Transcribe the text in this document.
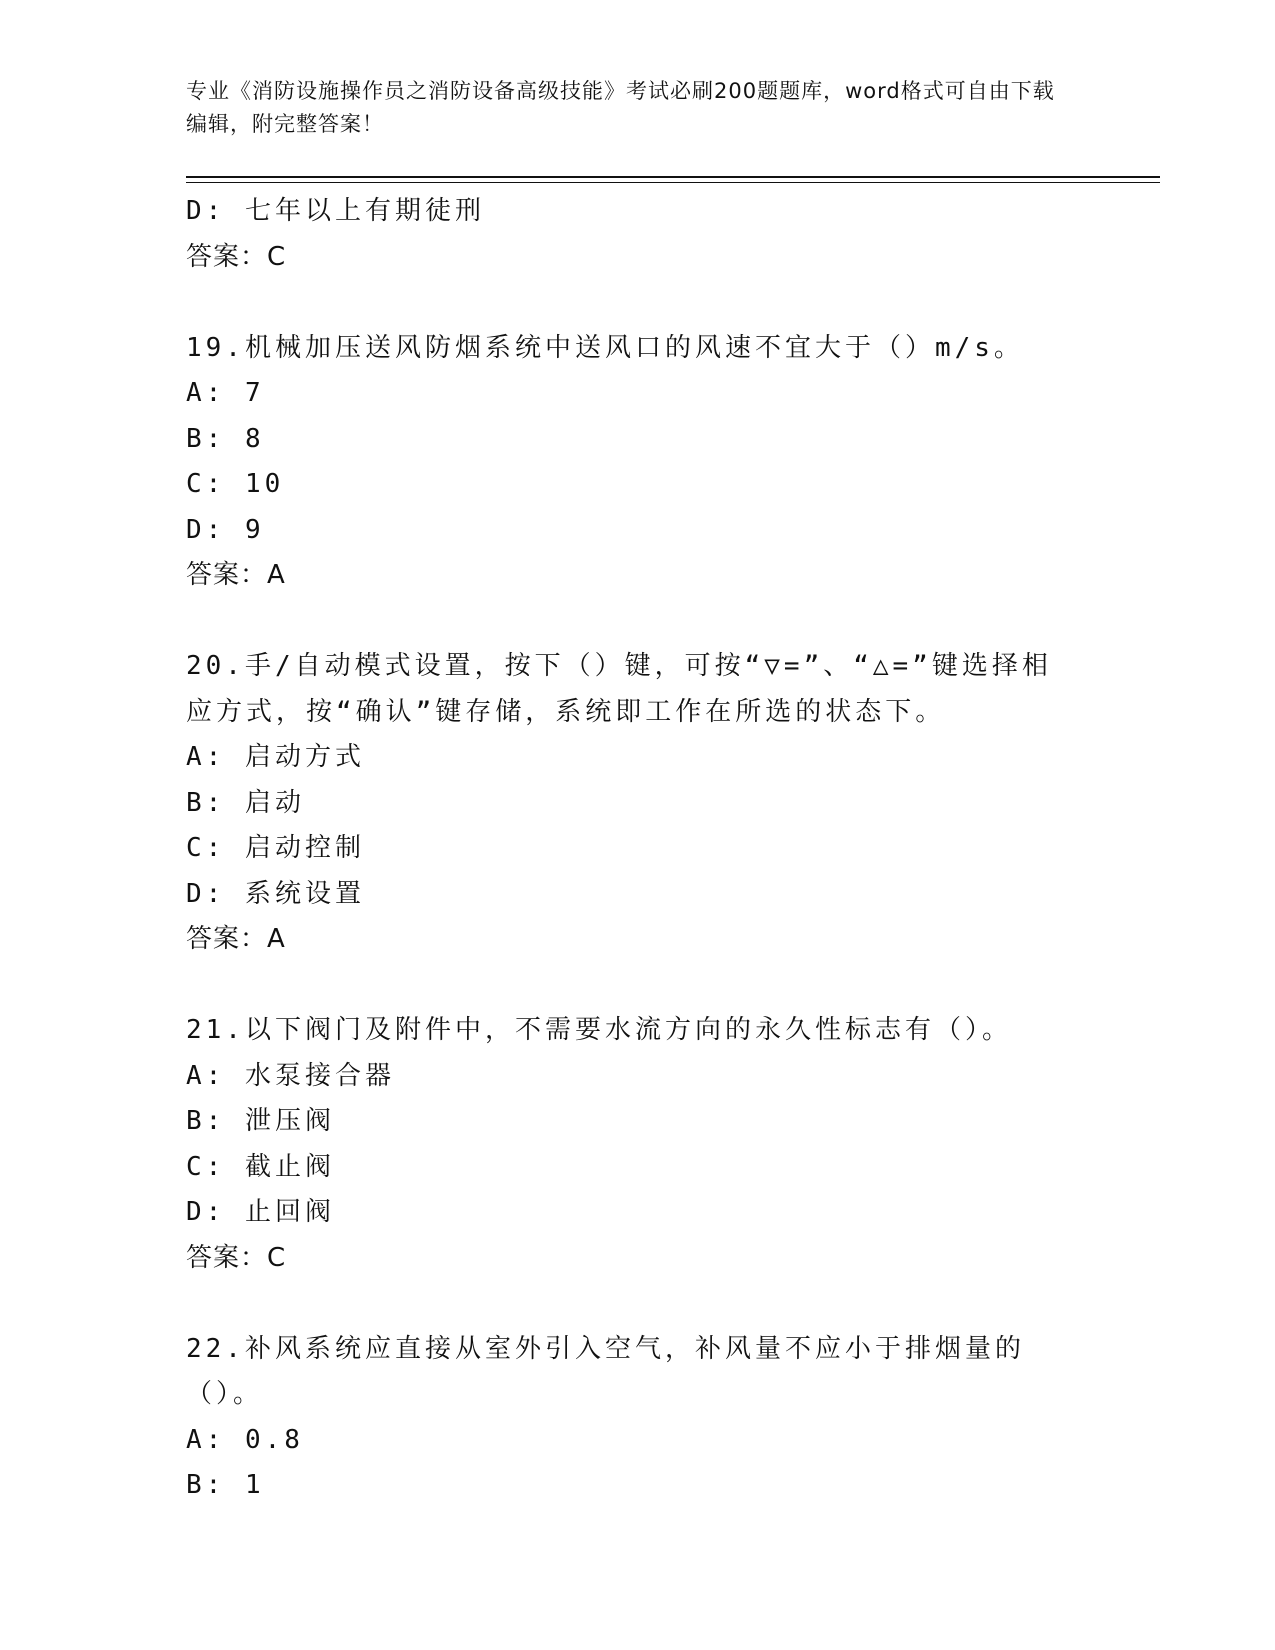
专业《消防设施操作员之消防设备高级技能》考试必刷200题题库，word格式可自由下载编辑，附完整答案！
D: 七年以上有期徒刑
答案：C
19.机械加压送风防烟系统中送风口的风速不宜大于（）m/s。
A: 7
B: 8
C: 10
D: 9
答案：A
20.手/自动模式设置，按下（）键，可按“▽=”、“△=”键选择相应方式，按“确认”键存储，系统即工作在所选的状态下。
A: 启动方式
B: 启动
C: 启动控制
D: 系统设置
答案：A
21.以下阀门及附件中，不需要水流方向的永久性标志有（）。
A: 水泵接合器
B: 泄压阀
C: 截止阀
D: 止回阀
答案：C
22.补风系统应直接从室外引入空气，补风量不应小于排烟量的（）。
A: 0.8
B: 1
